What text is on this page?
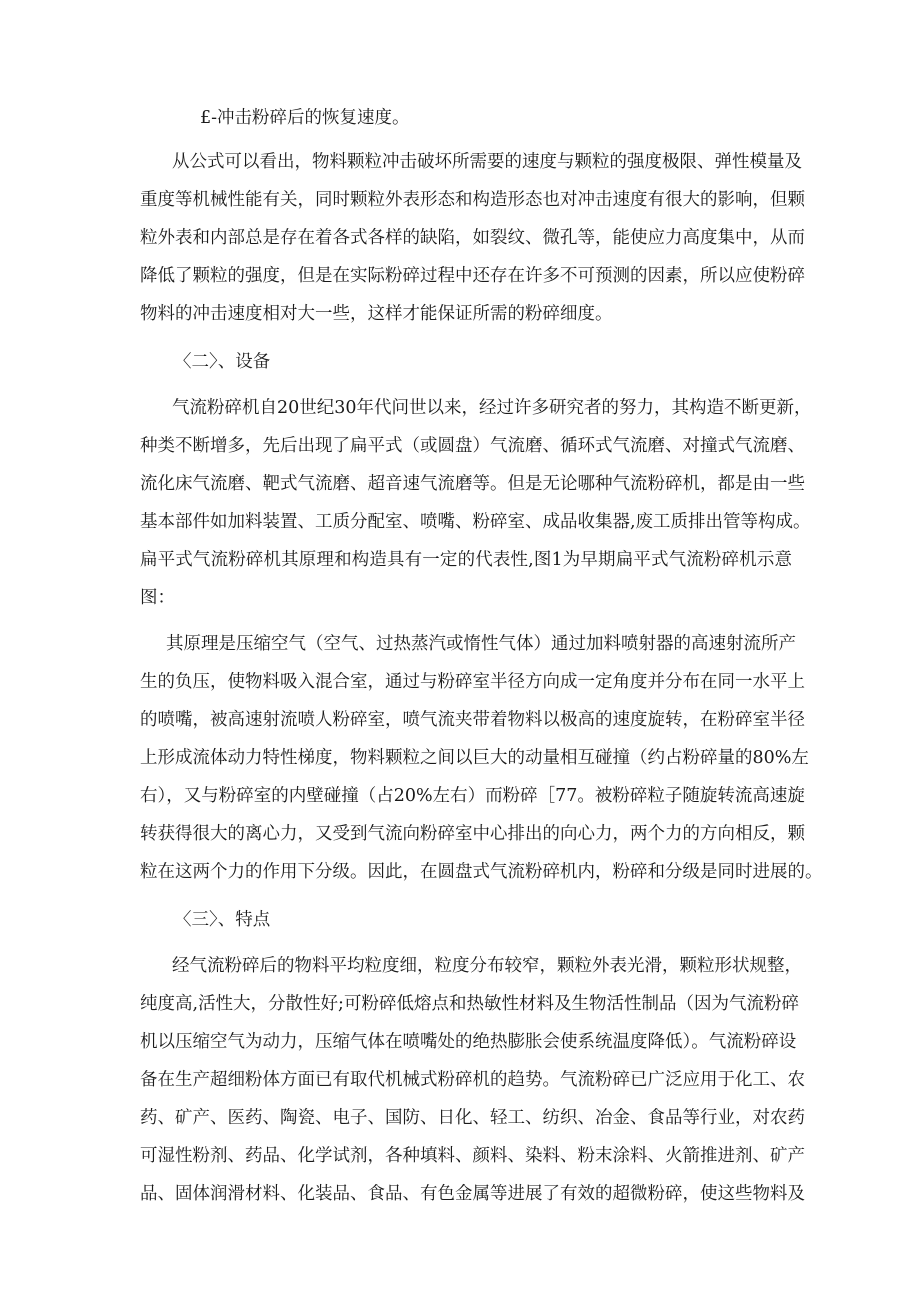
£-冲击粉碎后的恢复速度。
从公式可以看出，物料颗粒冲击破坏所需要的速度与颗粒的强度极限、弹性模量及
重度等机械性能有关，同时颗粒外表形态和构造形态也对冲击速度有很大的影响，但颗
粒外表和内部总是存在着各式各样的缺陷，如裂纹、微孔等，能使应力高度集中，从而
降低了颗粒的强度，但是在实际粉碎过程中还存在许多不可预测的因素，所以应使粉碎
物料的冲击速度相对大一些，这样才能保证所需的粉碎细度。
〈二〉、设备
气流粉碎机自20世纪30年代问世以来，经过许多研究者的努力，其构造不断更新，
种类不断增多，先后出现了扁平式（或圆盘）气流磨、循环式气流磨、对撞式气流磨、
流化床气流磨、靶式气流磨、超音速气流磨等。但是无论哪种气流粉碎机，都是由一些
基本部件如加料装置、工质分配室、喷嘴、粉碎室、成品收集器,废工质排出管等构成。
扁平式气流粉碎机其原理和构造具有一定的代表性,图1为早期扁平式气流粉碎机示意
图：
其原理是压缩空气（空气、过热蒸汽或惰性气体）通过加料喷射器的高速射流所产
生的负压，使物料吸入混合室，通过与粉碎室半径方向成一定角度并分布在同一水平上
的喷嘴，被高速射流喷人粉碎室，喷气流夹带着物料以极高的速度旋转，在粉碎室半径
上形成流体动力特性梯度，物料颗粒之间以巨大的动量相互碰撞（约占粉碎量的80%左
右），又与粉碎室的内壁碰撞（占20%左右）而粉碎［77。被粉碎粒子随旋转流高速旋
转获得很大的离心力，又受到气流向粉碎室中心排出的向心力，两个力的方向相反，颗
粒在这两个力的作用下分级。因此，在圆盘式气流粉碎机内，粉碎和分级是同时进展的。
〈三〉、特点
经气流粉碎后的物料平均粒度细，粒度分布较窄，颗粒外表光滑，颗粒形状规整，
纯度高,活性大，分散性好;可粉碎低熔点和热敏性材料及生物活性制品（因为气流粉碎
机以压缩空气为动力，压缩气体在喷嘴处的绝热膨胀会使系统温度降低）。气流粉碎设
备在生产超细粉体方面已有取代机械式粉碎机的趋势。气流粉碎已广泛应用于化工、农
药、矿产、医药、陶瓷、电子、国防、日化、轻工、纺织、冶金、食品等行业，对农药
可湿性粉剂、药品、化学试剂，各种填料、颜料、染料、粉末涂料、火箭推进剂、矿产
品、固体润滑材料、化装品、食品、有色金属等进展了有效的超微粉碎，使这些物料及
